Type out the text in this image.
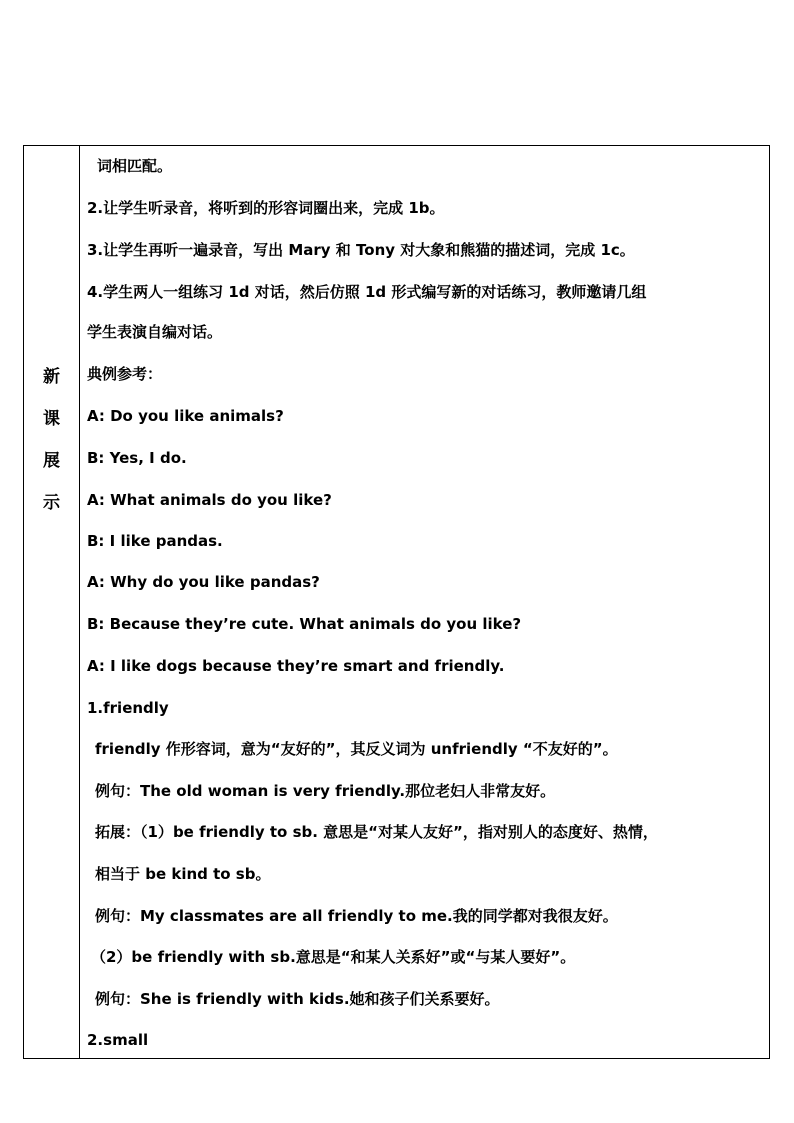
新
课
展
示
词相匹配。
2.让学生听录音，将听到的形容词圈出来，完成 1b。
3.让学生再听一遍录音，写出 Mary 和 Tony 对大象和熊猫的描述词，完成 1c。
4.学生两人一组练习 1d 对话，然后仿照 1d 形式编写新的对话练习，教师邀请几组
学生表演自编对话。
典例参考：
A: Do you like animals?
B: Yes, I do.
A: What animals do you like?
B: I like pandas.
A: Why do you like pandas?
B: Because they’re cute. What animals do you like?
A: I like dogs because they’re smart and friendly.
1.friendly
friendly 作形容词，意为“友好的”，其反义词为 unfriendly “不友好的”。
例句：The old woman is very friendly.那位老妇人非常友好。
拓展：（1）be friendly to sb. 意思是“对某人友好”，指对别人的态度好、热情，
相当于 be kind to sb。
例句：My classmates are all friendly to me.我的同学都对我很友好。
（2）be friendly with sb.意思是“和某人关系好”或“与某人要好”。
例句：She is friendly with kids.她和孩子们关系要好。
2.small
